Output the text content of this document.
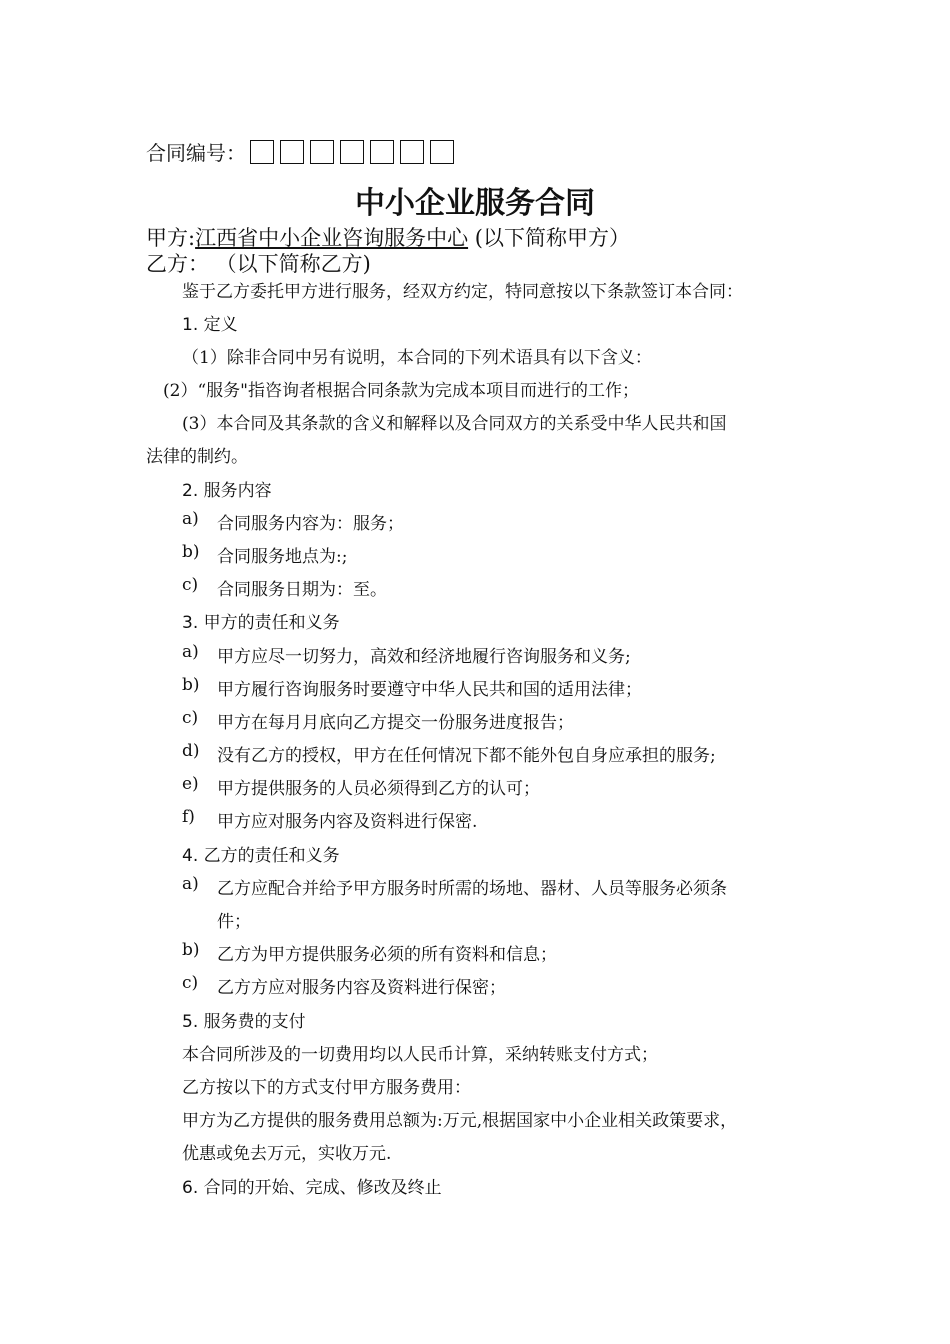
合同编号：
中小企业服务合同
甲方:江西省中小企业咨询服务中心 (以下简称甲方）
乙方： （以下简称乙方)
鉴于乙方委托甲方进行服务，经双方约定，特同意按以下条款签订本合同：
1. 定义
（1）除非合同中另有说明，本合同的下列术语具有以下含义：
(2）“服务"指咨询者根据合同条款为完成本项目而进行的工作；
(3）本合同及其条款的含义和解释以及合同双方的关系受中华人民共和国
法律的制约。
2. 服务内容
a) 合同服务内容为：服务；
b) 合同服务地点为:;
c) 合同服务日期为：至。
3. 甲方的责任和义务
a) 甲方应尽一切努力，高效和经济地履行咨询服务和义务;
b) 甲方履行咨询服务时要遵守中华人民共和国的适用法律；
c) 甲方在每月月底向乙方提交一份服务进度报告；
d) 没有乙方的授权，甲方在任何情况下都不能外包自身应承担的服务;
e) 甲方提供服务的人员必须得到乙方的认可；
f) 甲方应对服务内容及资料进行保密.
4. 乙方的责任和义务
a) 乙方应配合并给予甲方服务时所需的场地、器材、人员等服务必须条
件；
b) 乙方为甲方提供服务必须的所有资料和信息；
c) 乙方方应对服务内容及资料进行保密；
5. 服务费的支付
本合同所涉及的一切费用均以人民币计算，采纳转账支付方式；
乙方按以下的方式支付甲方服务费用：
甲方为乙方提供的服务费用总额为:万元,根据国家中小企业相关政策要求，
优惠或免去万元，实收万元.
6. 合同的开始、完成、修改及终止
